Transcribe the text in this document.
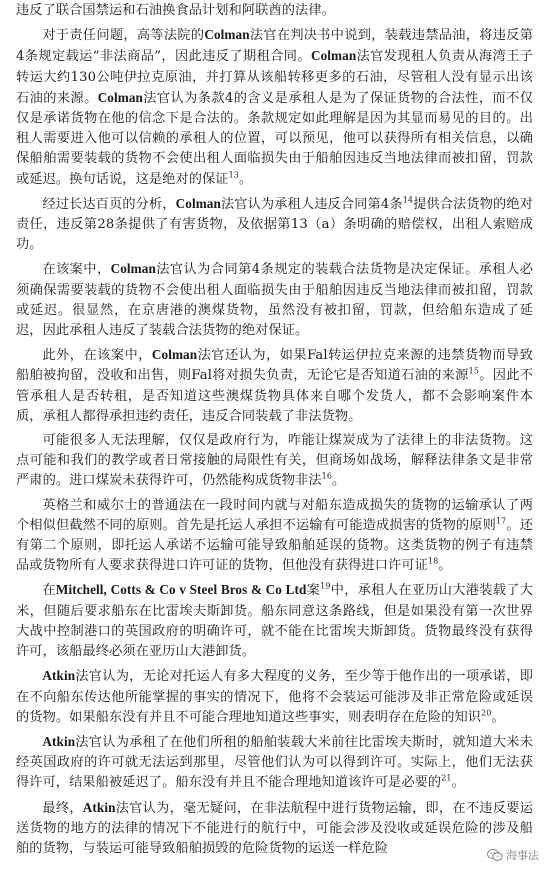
违反了联合国禁运和石油换食品计划和阿联酋的法律。

对于责任问题，高等法院的Colman法官在判决书中说到，装载违禁品油，将违反第4条规定载运“非法商品”，因此违反了期租合同。Colman法官发现租人负责从海湾王子转运大约130公吨伊拉克原油，并打算从该船转移更多的石油，尽管租人没有显示出该石油的来源。Colman法官认为条款4的含义是承租人是为了保证货物的合法性，而不仅仅是承诺货物在他的信念下是合法的。条款规定如此理解是因为其显而易见的目的。出租人需要进入他可以信赖的承租人的位置，可以预见，他可以获得所有相关信息，以确保船舶需要装载的货物不会使出租人面临损失由于船舶因违反当地法律而被扣留，罚款或延迟。换句话说，这是绝对的保证$^{13}$。

经过长达百页的分析，Colman法官认为承租人违反合同第4条$^{14}$提供合法货物的绝对责任，违反第28条提供了有害货物，及依据第13（a）条明确的赔偿权，出租人索赔成功。

在该案中，Colman法官认为合同第4条规定的装载合法货物是决定保证。承租人必须确保需要装载的货物不会使出租人面临损失由于船舶因违反当地法律而被扣留，罚款或延迟。很显然，在京唐港的澳煤货物，虽然没有被扣留，罚款，但给船东造成了延迟，因此承租人违反了装载合法货物的绝对保证。

此外，在该案中，Colman法官还认为，如果Fal转运伊拉克来源的违禁货物而导致船舶被拘留，没收和出售，则Fal将对损失负责，无论它是否知道石油的来源$^{15}$。因此不管承租人是否转租，是否知道这些澳煤货物具体来自哪个发货人，都不会影响案件本质，承租人都得承担违约责任，违反合同装载了非法货物。

可能很多人无法理解，仅仅是政府行为，咋能让煤炭成为了法律上的非法货物。这点可能和我们的教学或者日常接触的局限性有关，但商场如战场，解释法律条文是非常严肃的。进口煤炭未获得许可，仍然能构成货物非法$^{16}$。

英格兰和威尔士的普通法在一段时间内就与对船东造成损失的货物的运输承认了两个相似但截然不同的原则。首先是托运人承担不运输有可能造成损害的货物的原则$^{17}$。还有第二个原则，即托运人承诺不运输可能导致船舶延误的货物。这类货物的例子有违禁品或货物所有人要求获得进口许可证的货物，但他没有获得进口许可证$^{18}$。

在Mitchell, Cotts & Co v Steel Bros & Co Ltd案$^{19}$中，承租人在亚历山大港装载了大米，但随后要求船东在比雷埃夫斯卸货。船东同意这条路线，但是如果没有第一次世界大战中控制港口的英国政府的明确许可，就不能在比雷埃夫斯卸货。货物最终没有获得许可，该船最终必须在亚历山大港卸货。

Atkin法官认为，无论对托运人有多大程度的义务，至少等于他作出的一项承诺，即在不向船东传达他所能掌握的事实的情况下，他将不会装运可能涉及非正常危险或延误的货物。如果船东没有并且不可能合理地知道这些事实，则表明存在危险的知识$^{20}$。

Atkin法官认为承租了在他们所租的船舶装载大米前往比雷埃夫斯时，就知道大米未经英国政府的许可就无法运到那里，尽管他们认为可以得到许可。实际上，他们无法获得许可，结果船被延迟了。船东没有并且不能合理地知道该许可是必要的$^{21}$。

最终，Atkin法官认为，毫无疑问，在非法航程中进行货物运输，即，在不违反要运送货物的地方的法律的情况下不能进行的航行中，可能会涉及没收或延误危险的涉及船舶的货物，与装运可能导致船舶损毁的危险货物的运送一样危险	海事法
